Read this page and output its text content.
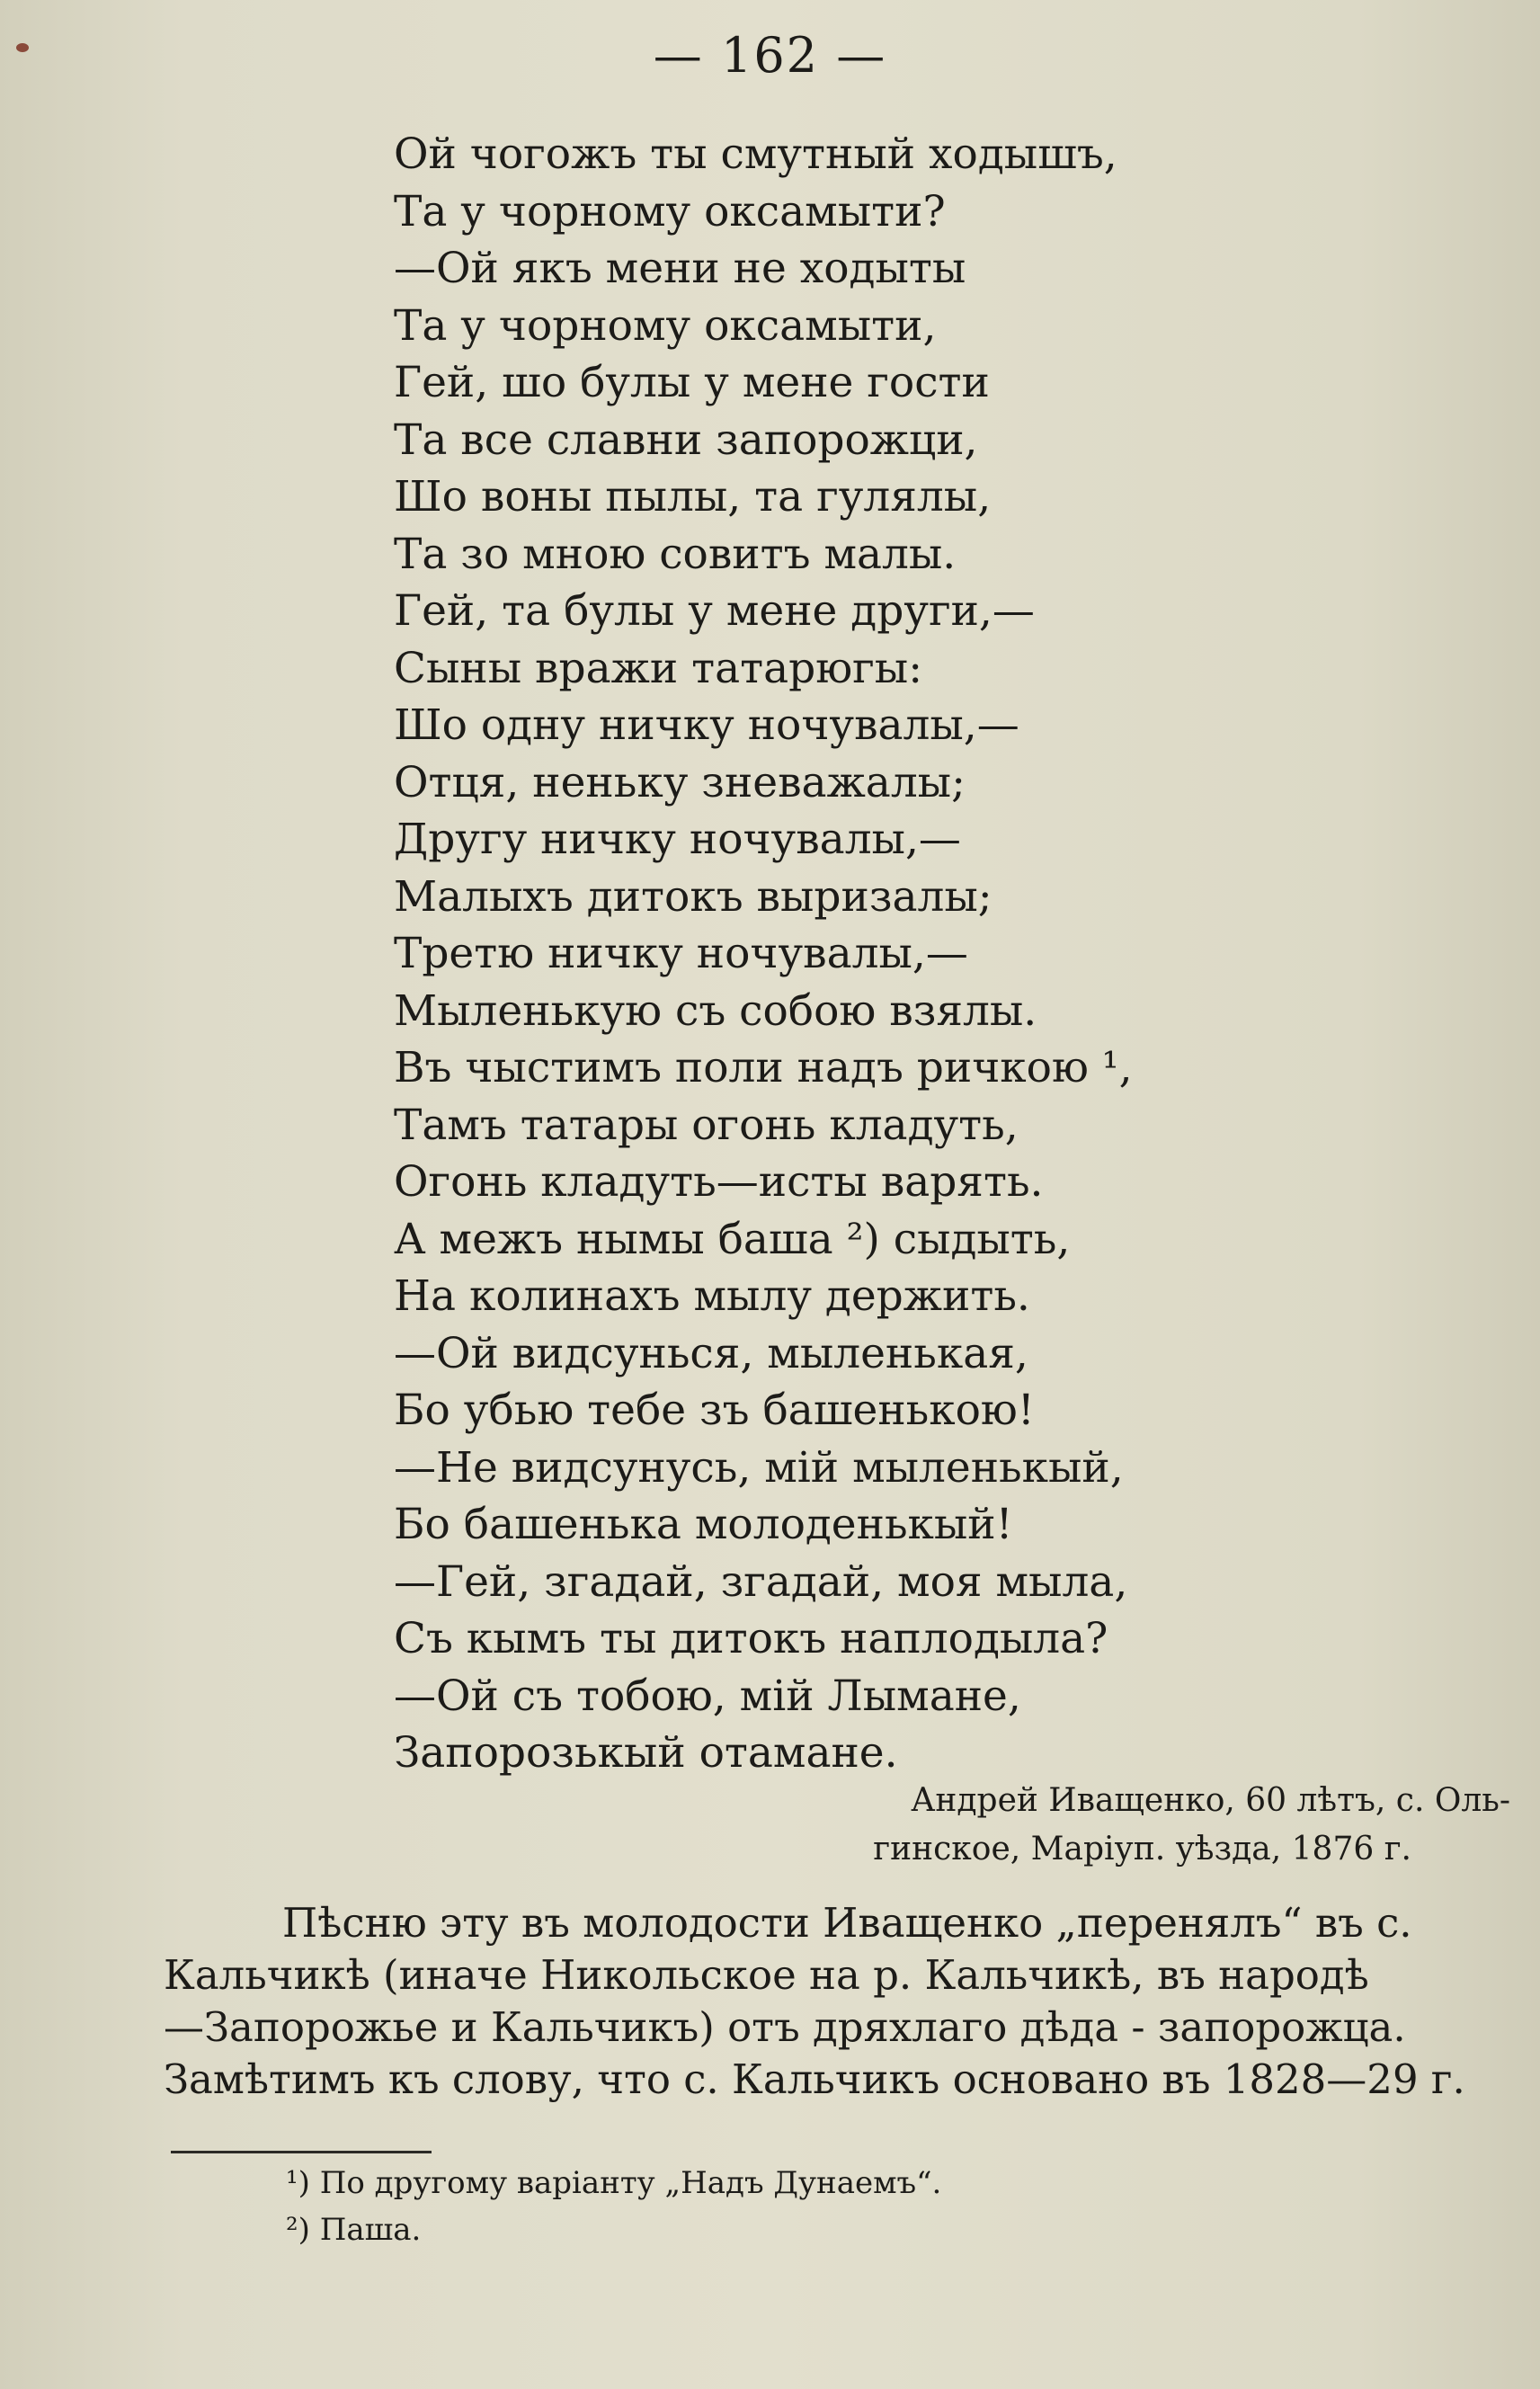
— 162 —
Ой чогожъ ты смутный ходышъ,
Та у чорному оксамыти?
—Ой якъ мени не ходыты
Та у чорному оксамыти,
Гей, шо булы у мене гости
Та все славни запорожци,
Шо воны пылы, та гулялы,
Та зо мною совитъ малы.
Гей, та булы у мене други,—
Сыны вражи татарюгы:
Шо одну ничку ночувалы,—
Отця, неньку зневажалы;
Другу ничку ночувалы,—
Малыхъ дитокъ выризалы;
Третю ничку ночувалы,—
Мыленькую съ собою взялы.
Въ чыстимъ поли надъ ричкою ¹,
Тамъ татары огонь кладуть,
Огонь кладуть—исты варять.
А межъ нымы баша ²) сыдыть,
На колинахъ мылу держить.
—Ой видсунься, мыленькая,
Бо убью тебе зъ башенькою!
—Не видсунусь, мій мыленькый,
Бо башенька молоденькый!
—Гей, згадай, згадай, моя мыла,
Съ кымъ ты дитокъ наплодыла?
—Ой съ тобою, мій Лымане,
Запорозькый отамане.
Андрей Иващенко, 60 лѣтъ, с. Оль-
гинское, Маріуп. уѣзда, 1876 г.
Пѣсню эту въ молодости Иващенко „перенялъ“ въ с.
Кальчикѣ (иначе Никольское на р. Кальчикѣ, въ народѣ
—Запорожье и Кальчикъ) отъ дряхлаго дѣда - запорожца.
Замѣтимъ къ слову, что с. Кальчикъ основано въ 1828—29 г.
¹) По другому варіанту „Надъ Дунаемъ“.
²) Паша.
